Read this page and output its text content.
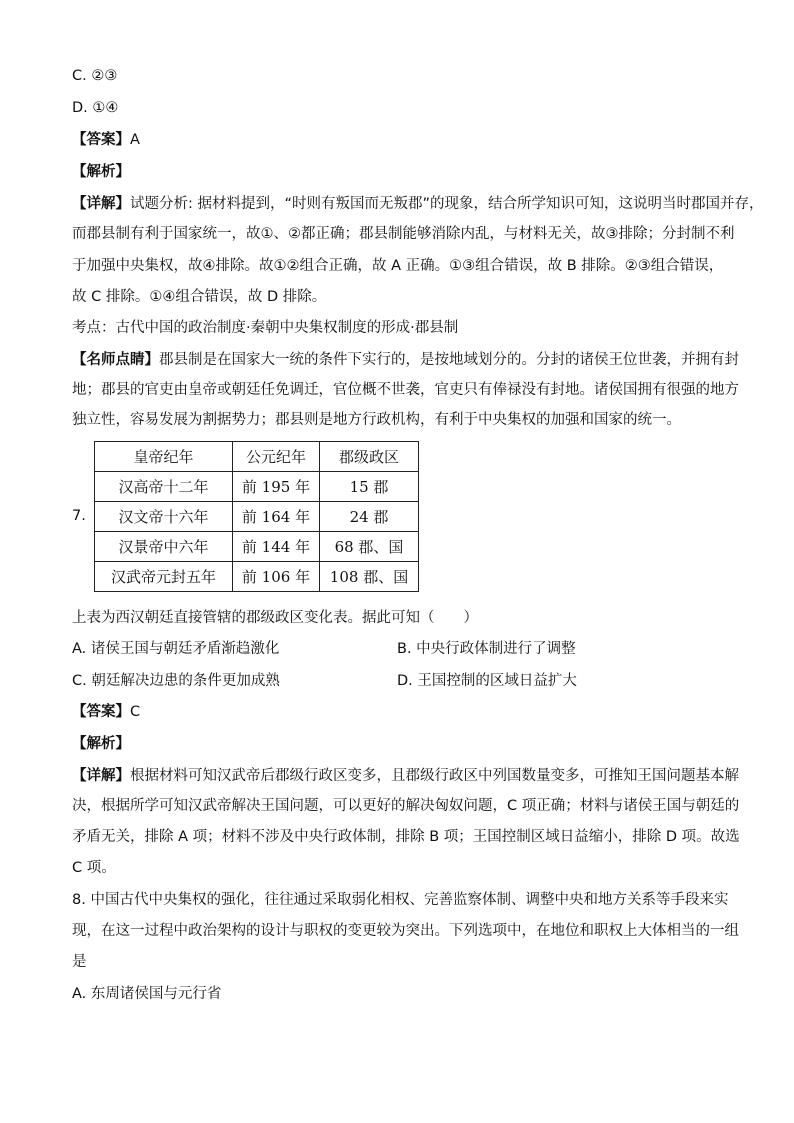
C. ②③
D. ①④
【答案】A
【解析】
【详解】试题分析: 据材料提到，“时则有叛国而无叛郡”的现象，结合所学知识可知，这说明当时郡国并存，
而郡县制有利于国家统一，故①、②都正确；郡县制能够消除内乱，与材料无关，故③排除；分封制不利
于加强中央集权，故④排除。故①②组合正确，故 A 正确。①③组合错误，故 B 排除。②③组合错误，
故 C 排除。①④组合错误，故 D 排除。
考点：古代中国的政治制度·秦朝中央集权制度的形成·郡县制
【名师点睛】郡县制是在国家大一统的条件下实行的，是按地域划分的。分封的诸侯王位世袭，并拥有封
地；郡县的官吏由皇帝或朝廷任免调迁，官位概不世袭，官吏只有俸禄没有封地。诸侯国拥有很强的地方
独立性，容易发展为割据势力；郡县则是地方行政机构，有利于中央集权的加强和国家的统一。
7.
皇帝纪年	公元纪年	郡级政区
汉高帝十二年	前 195 年	15 郡
汉文帝十六年	前 164 年	24 郡
汉景帝中六年	前 144 年	68 郡、国
汉武帝元封五年	前 106 年	108 郡、国
上表为西汉朝廷直接管辖的郡级政区变化表。据此可知（　　）
A. 诸侯王国与朝廷矛盾渐趋激化	B. 中央行政体制进行了调整
C. 朝廷解决边患的条件更加成熟	D. 王国控制的区域日益扩大
【答案】C
【解析】
【详解】根据材料可知汉武帝后郡级行政区变多，且郡级行政区中列国数量变多，可推知王国问题基本解
决，根据所学可知汉武帝解决王国问题，可以更好的解决匈奴问题，C 项正确；材料与诸侯王国与朝廷的
矛盾无关，排除 A 项；材料不涉及中央行政体制，排除 B 项；王国控制区域日益缩小，排除 D 项。故选
C 项。
8. 中国古代中央集权的强化，往往通过采取弱化相权、完善监察体制、调整中央和地方关系等手段来实
现，在这一过程中政治架构的设计与职权的变更较为突出。下列选项中，在地位和职权上大体相当的一组
是
A. 东周诸侯国与元行省
